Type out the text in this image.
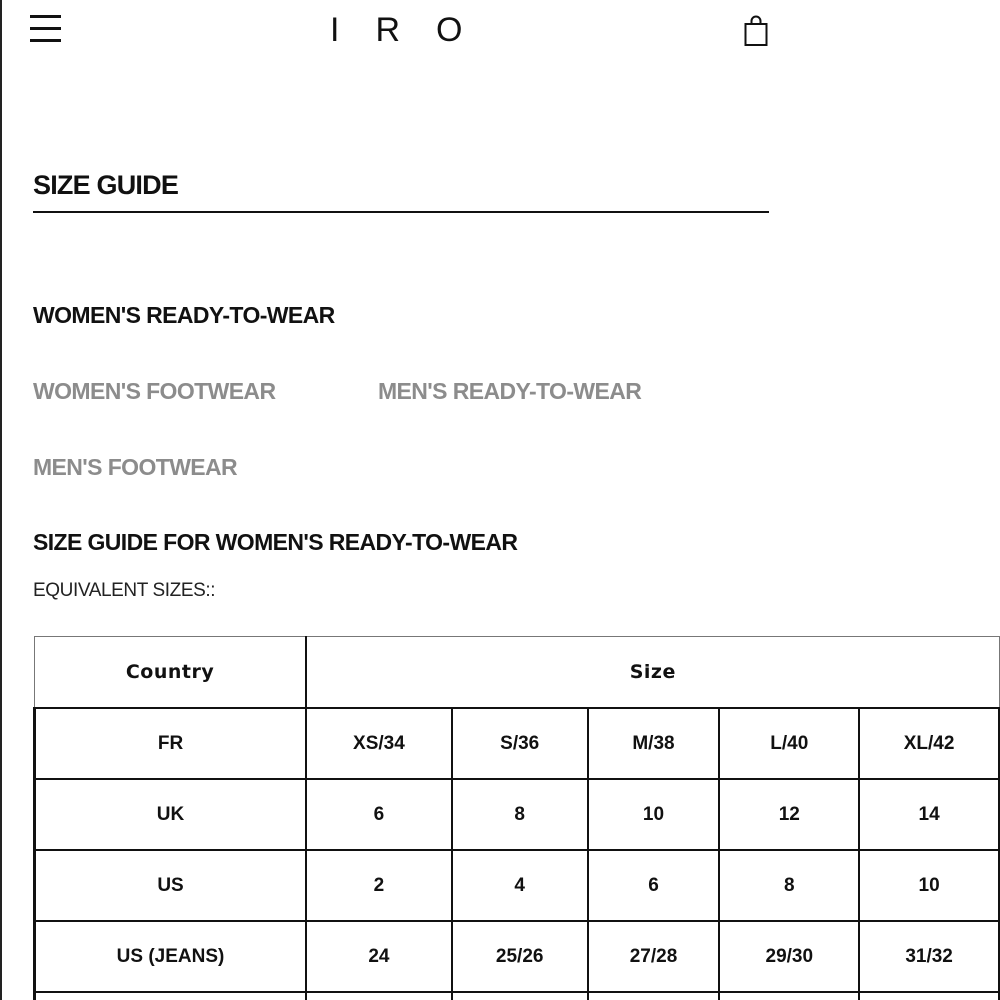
IRO
SIZE GUIDE
WOMEN'S READY-TO-WEAR
WOMEN'S FOOTWEAR	MEN'S READY-TO-WEAR
MEN'S FOOTWEAR
SIZE GUIDE FOR WOMEN'S READY-TO-WEAR
EQUIVALENT SIZES::
Country	Size				
FR	XS/34	S/36	M/38	L/40	XL/42
UK	6	8	10	12	14
US	2	4	6	8	10
US (JEANS)	24	25/26	27/28	29/30	31/32
